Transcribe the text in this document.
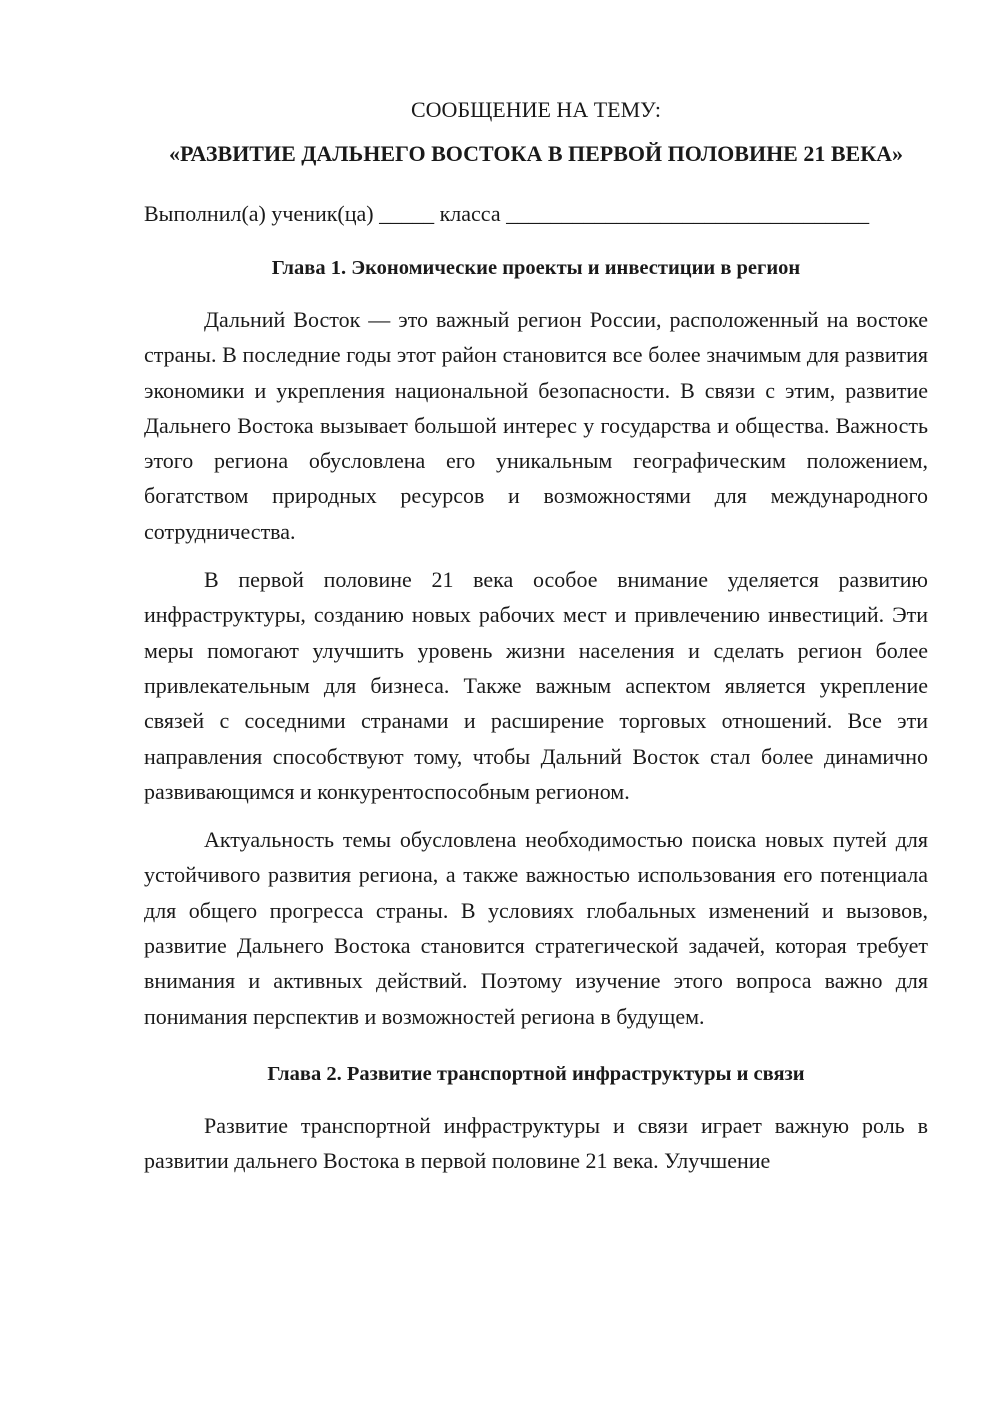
СООБЩЕНИЕ НА ТЕМУ:

«РАЗВИТИЕ ДАЛЬНЕГО ВОСТОКА В ПЕРВОЙ ПОЛОВИНЕ 21 ВЕКА»

Выполнил(а) ученик(ца) _____ класса _________________________________

Глава 1. Экономические проекты и инвестиции в регион

Дальний Восток — это важный регион России, расположенный на востоке страны. В последние годы этот район становится все более значимым для развития экономики и укрепления национальной безопасности. В связи с этим, развитие Дальнего Востока вызывает большой интерес у государства и общества. Важность этого региона обусловлена его уникальным географическим положением, богатством природных ресурсов и возможностями для международного сотрудничества.

В первой половине 21 века особое внимание уделяется развитию инфраструктуры, созданию новых рабочих мест и привлечению инвестиций. Эти меры помогают улучшить уровень жизни населения и сделать регион более привлекательным для бизнеса. Также важным аспектом является укрепление связей с соседними странами и расширение торговых отношений. Все эти направления способствуют тому, чтобы Дальний Восток стал более динамично развивающимся и конкурентоспособным регионом.

Актуальность темы обусловлена необходимостью поиска новых путей для устойчивого развития региона, а также важностью использования его потенциала для общего прогресса страны. В условиях глобальных изменений и вызовов, развитие Дальнего Востока становится стратегической задачей, которая требует внимания и активных действий. Поэтому изучение этого вопроса важно для понимания перспектив и возможностей региона в будущем.

Глава 2. Развитие транспортной инфраструктуры и связи

Развитие транспортной инфраструктуры и связи играет важную роль в развитии дальнего Востока в первой половине 21 века. Улучшение
